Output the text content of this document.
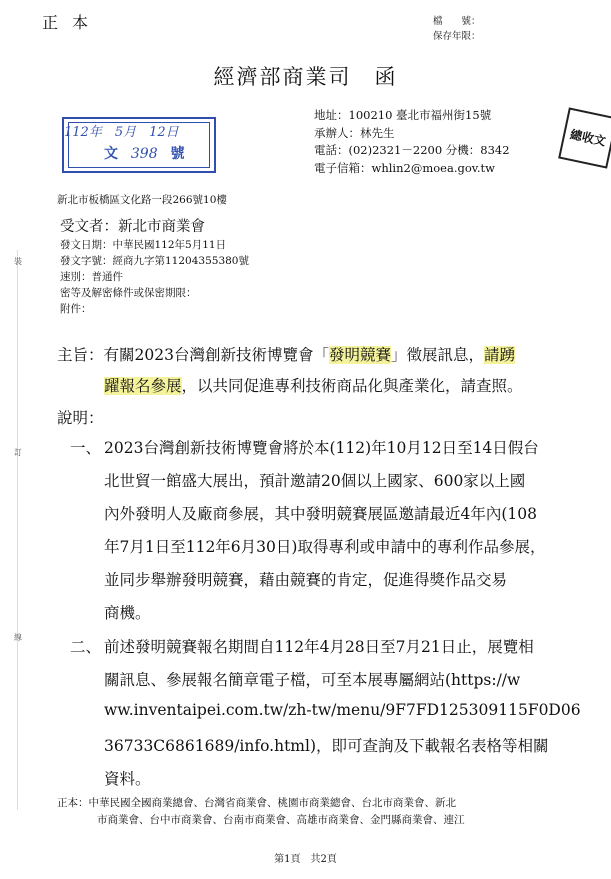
正本	檔　　號：
保存年限：
經濟部商業司　函
112年　5月　12日
文 398 號
地址：100210 臺北市福州街15號
承辦人：林先生
電話：(02)2321－2200 分機：8342
電子信箱：whlin2@moea.gov.tw
總收文
新北市板橋區文化路一段266號10樓
受文者：新北市商業會
發文日期：中華民國112年5月11日
發文字號：經商九字第11204355380號
速別：普通件
密等及解密條件或保密期限：
附件：
裝
訂
線
主旨：有關2023台灣創新技術博覽會「發明競賽」徵展訊息，請踴
躍報名參展，以共同促進專利技術商品化與產業化，請查照。
說明：
一、 2023台灣創新技術博覽會將於本(112)年10月12日至14日假台
北世貿一館盛大展出，預計邀請20個以上國家、600家以上國
內外發明人及廠商參展，其中發明競賽展區邀請最近4年內(108
年7月1日至112年6月30日)取得專利或申請中的專利作品參展，
並同步舉辦發明競賽，藉由競賽的肯定，促進得獎作品交易
商機。
二、 前述發明競賽報名期間自112年4月28日至7月21日止，展覽相
關訊息、參展報名簡章電子檔，可至本展專屬網站(https://w
ww.inventaipei.com.tw/zh-tw/menu/9F7FD125309115F0D06
36733C6861689/info.html)，即可查詢及下載報名表格等相關
資料。
正本：中華民國全國商業總會、台灣省商業會、桃園市商業總會、台北市商業會、新北
市商業會、台中市商業會、台南市商業會、高雄市商業會、金門縣商業會、連江
第1頁　共2頁
